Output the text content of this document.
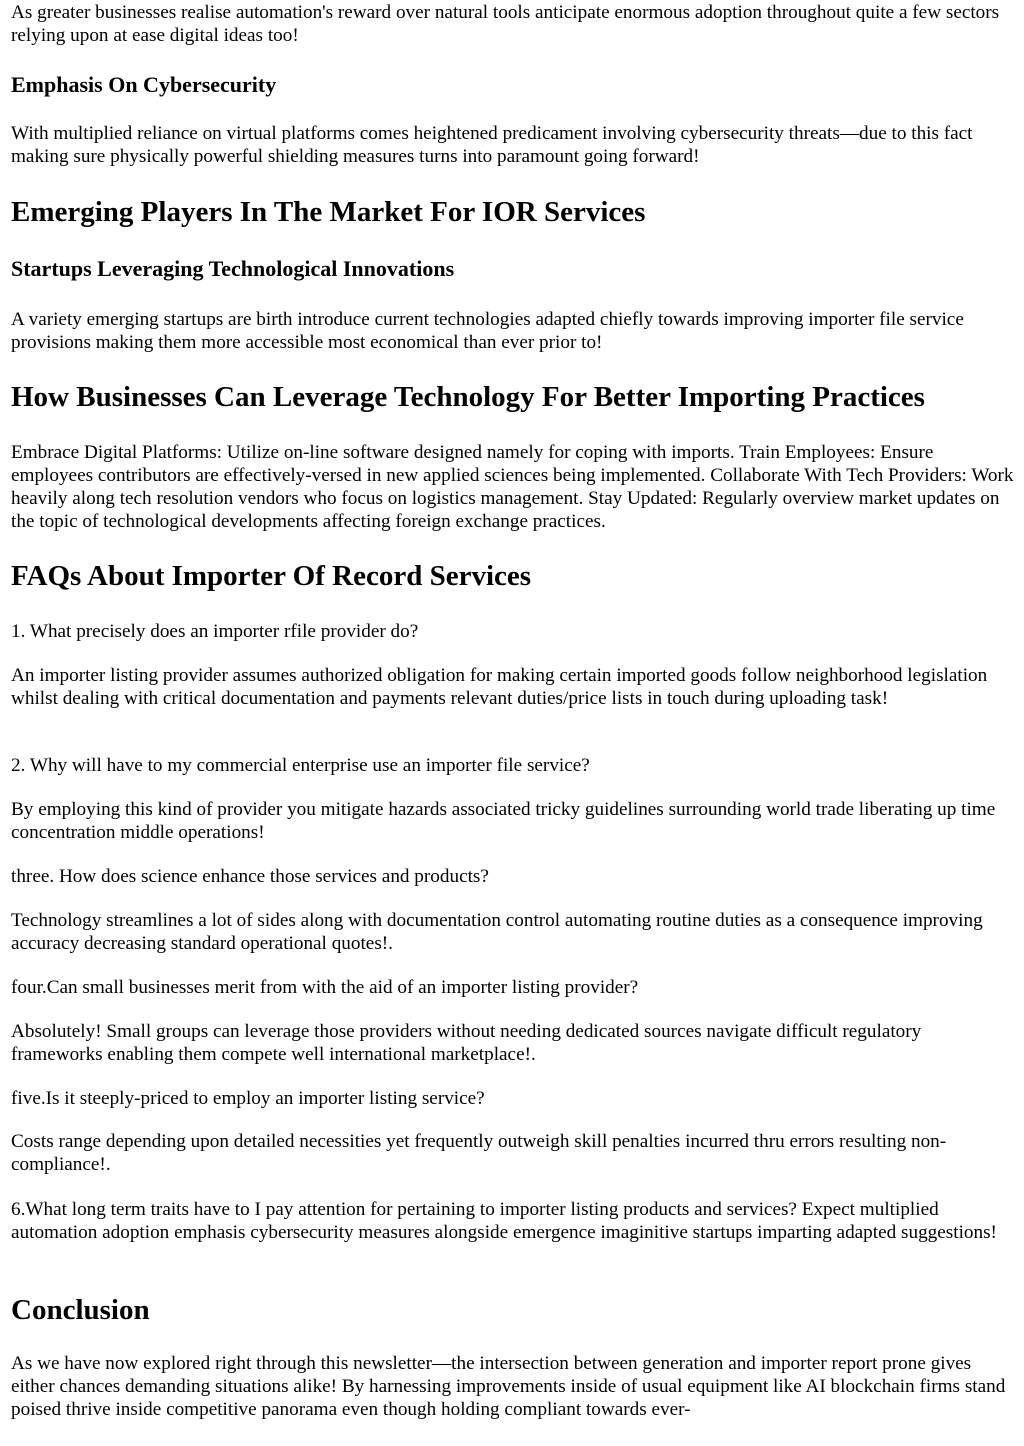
As greater businesses realise automation's reward over natural tools anticipate enormous adoption throughout quite a few sectors relying upon at ease digital ideas too!

Emphasis On Cybersecurity

With multiplied reliance on virtual platforms comes heightened predicament involving cybersecurity threats—due to this fact making sure physically powerful shielding measures turns into paramount going forward!

Emerging Players In The Market For IOR Services
Startups Leveraging Technological Innovations

A variety emerging startups are birth introduce current technologies adapted chiefly towards improving importer file service provisions making them more accessible most economical than ever prior to!

How Businesses Can Leverage Technology For Better Importing Practices

Embrace Digital Platforms: Utilize on-line software designed namely for coping with imports. Train Employees: Ensure employees contributors are effectively-versed in new applied sciences being implemented. Collaborate With Tech Providers: Work heavily along tech resolution vendors who focus on logistics management. Stay Updated: Regularly overview market updates on the topic of technological developments affecting foreign exchange practices.

FAQs About Importer Of Record Services

1. What precisely does an importer rfile provider do?

An importer listing provider assumes authorized obligation for making certain imported goods follow neighborhood legislation whilst dealing with critical documentation and payments relevant duties/price lists in touch during uploading task!

2. Why will have to my commercial enterprise use an importer file service?

By employing this kind of provider you mitigate hazards associated tricky guidelines surrounding world trade liberating up time concentration middle operations!

three. How does science enhance those services and products?

Technology streamlines a lot of sides along with documentation control automating routine duties as a consequence improving accuracy decreasing standard operational quotes!.

four.Can small businesses merit from with the aid of an importer listing provider?

Absolutely! Small groups can leverage those providers without needing dedicated sources navigate difficult regulatory frameworks enabling them compete well international marketplace!.

five.Is it steeply-priced to employ an importer listing service?

Costs range depending upon detailed necessities yet frequently outweigh skill penalties incurred thru errors resulting non-compliance!.

6.What long term traits have to I pay attention for pertaining to importer listing products and services? Expect multiplied automation adoption emphasis cybersecurity measures alongside emergence imaginitive startups imparting adapted suggestions!

Conclusion

As we have now explored right through this newsletter—the intersection between generation and importer report prone gives either chances demanding situations alike! By harnessing improvements inside of usual equipment like AI blockchain firms stand poised thrive inside competitive panorama even though holding compliant towards ever-
